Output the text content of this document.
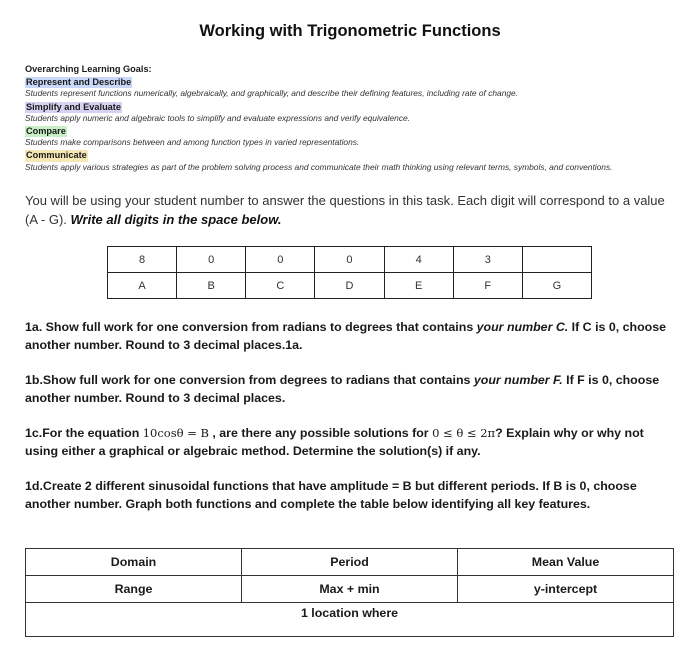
Working with Trigonometric Functions
Overarching Learning Goals:
Represent and Describe
Students represent functions numerically, algebraically, and graphically, and describe their defining features, including rate of change.
Simplify and Evaluate
Students apply numeric and algebraic tools to simplify and evaluate expressions and verify equivalence.
Compare
Students make comparisons between and among function types in varied representations.
Communicate
Students apply various strategies as part of the problem solving process and communicate their math thinking using relevant terms, symbols, and conventions.
You will be using your student number to answer the questions in this task. Each digit will correspond to a value (A - G). Write all digits in the space below.
8	0	0	0	4	3	
A	B	C	D	E	F	G
1a. Show full work for one conversion from radians to degrees that contains your number C. If C is 0, choose another number. Round to 3 decimal places.1a.
1b.Show full work for one conversion from degrees to radians that contains your number F. If F is 0, choose another number. Round to 3 decimal places.
1c.For the equation 10cosθ = B , are there any possible solutions for 0 ≤ θ ≤ 2π? Explain why or why not using either a graphical or algebraic method. Determine the solution(s) if any.
1d.Create 2 different sinusoidal functions that have amplitude = B but different periods. If B is 0, choose another number. Graph both functions and complete the table below identifying all key features.
Domain	Period	Mean Value
Range	Max + min	y-intercept
1 location where		
